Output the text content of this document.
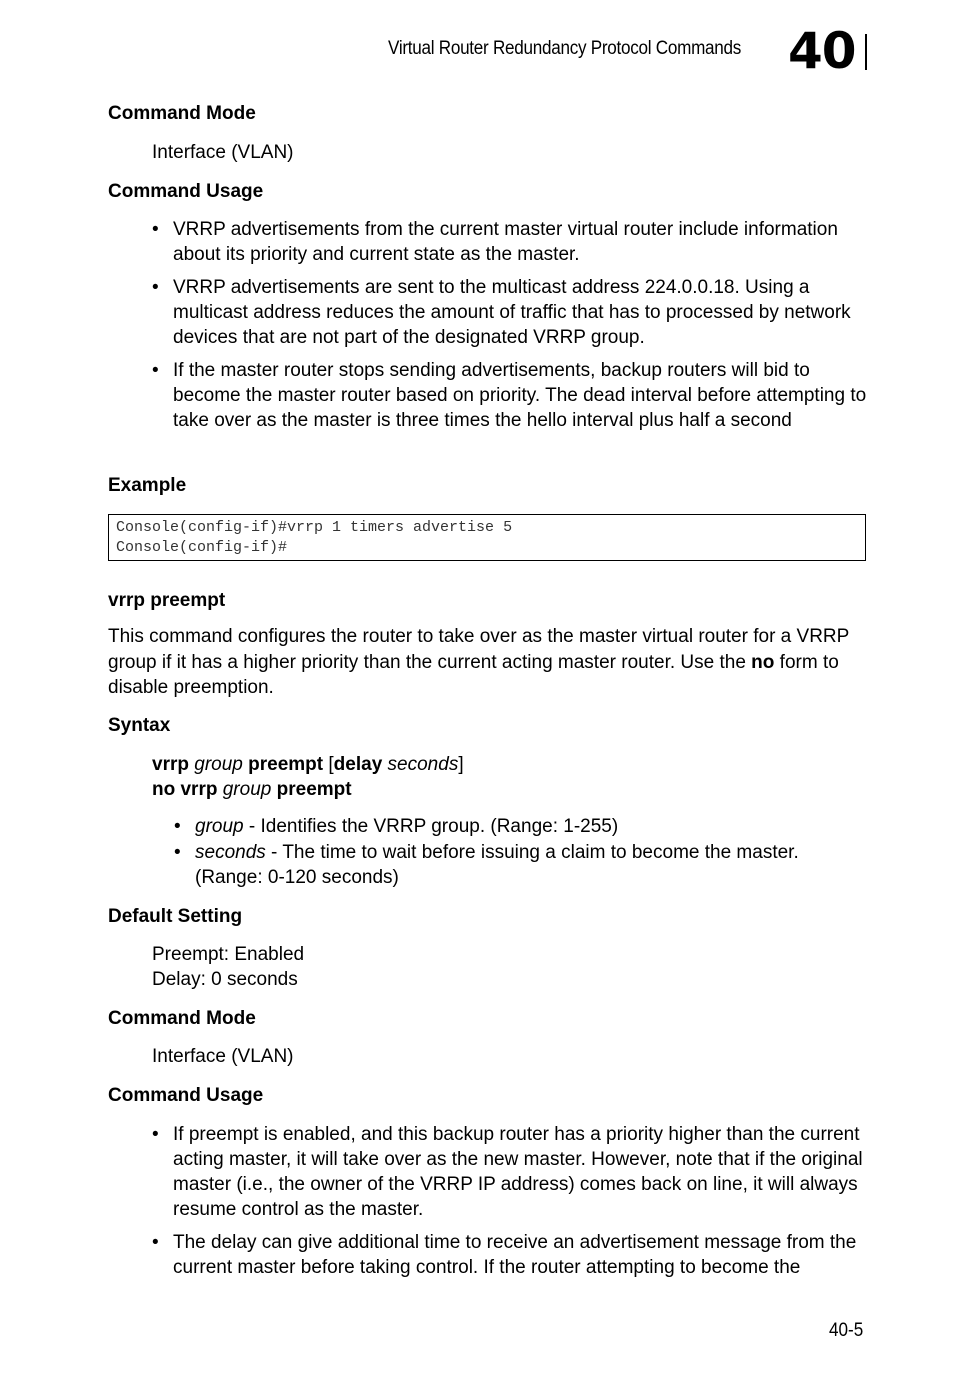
Virtual Router Redundancy Protocol Commands 40
Command Mode
Interface (VLAN)
Command Usage
• VRRP advertisements from the current master virtual router include information about its priority and current state as the master.
• VRRP advertisements are sent to the multicast address 224.0.0.18. Using a multicast address reduces the amount of traffic that has to processed by network devices that are not part of the designated VRRP group.
• If the master router stops sending advertisements, backup routers will bid to become the master router based on priority. The dead interval before attempting to take over as the master is three times the hello interval plus half a second
Example
Console(config-if)#vrrp 1 timers advertise 5
Console(config-if)#
vrrp preempt
This command configures the router to take over as the master virtual router for a VRRP group if it has a higher priority than the current acting master router. Use the no form to disable preemption.
Syntax
vrrp group preempt [delay seconds]
no vrrp group preempt
• group - Identifies the VRRP group. (Range: 1-255)
• seconds - The time to wait before issuing a claim to become the master. (Range: 0-120 seconds)
Default Setting
Preempt: Enabled
Delay: 0 seconds
Command Mode
Interface (VLAN)
Command Usage
• If preempt is enabled, and this backup router has a priority higher than the current acting master, it will take over as the new master. However, note that if the original master (i.e., the owner of the VRRP IP address) comes back on line, it will always resume control as the master.
• The delay can give additional time to receive an advertisement message from the current master before taking control. If the router attempting to become the
40-5
